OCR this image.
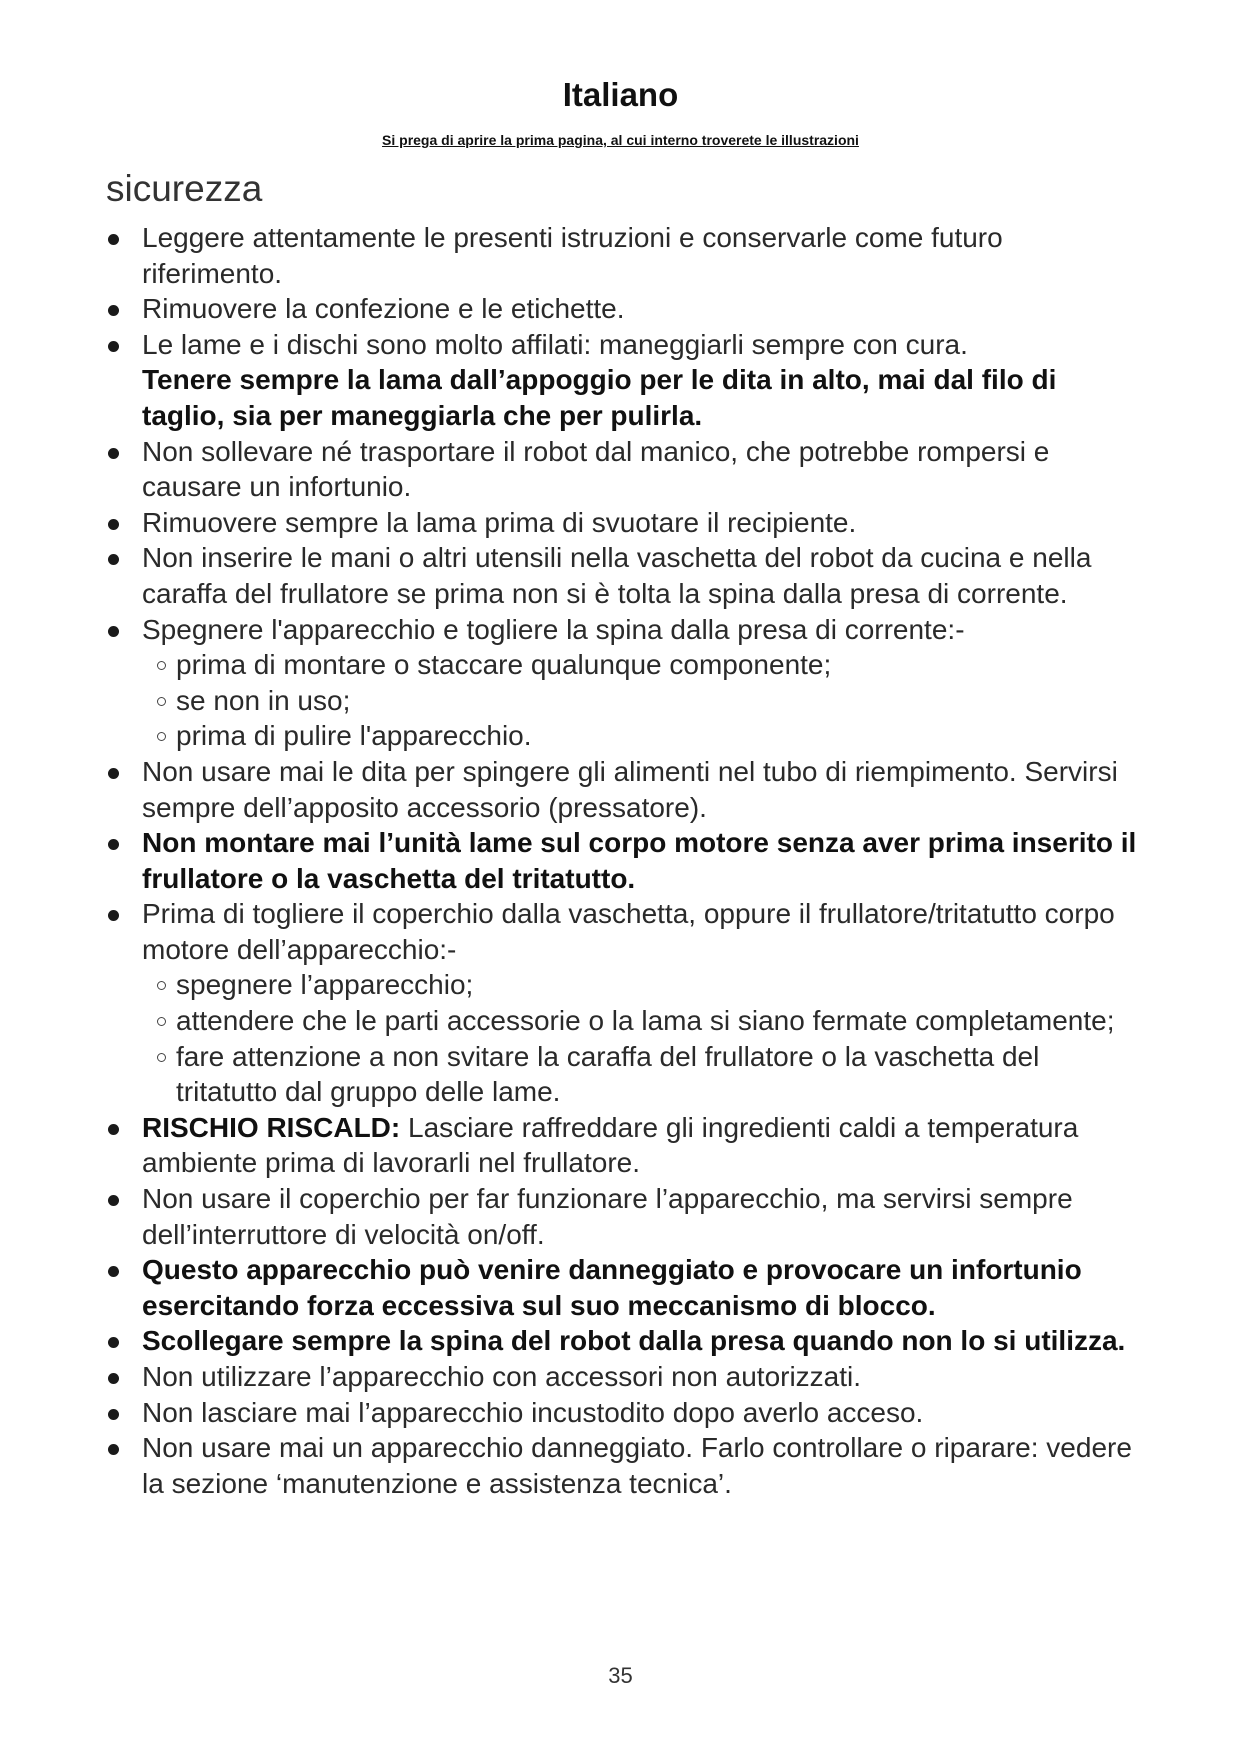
Italiano
Si prega di aprire la prima pagina, al cui interno troverete le illustrazioni
sicurezza
Leggere attentamente le presenti istruzioni e conservarle come futuro riferimento.
Rimuovere la confezione e le etichette.
Le lame e i dischi sono molto affilati: maneggiarli sempre con cura.
Tenere sempre la lama dall’appoggio per le dita in alto, mai dal filo di taglio, sia per maneggiarla che per pulirla.
Non sollevare né trasportare il robot dal manico, che potrebbe rompersi e causare un infortunio.
Rimuovere sempre la lama prima di svuotare il recipiente.
Non inserire le mani o altri utensili nella vaschetta del robot da cucina e nella caraffa del frullatore se prima non si è tolta la spina dalla presa di corrente.
Spegnere l'apparecchio e togliere la spina dalla presa di corrente:-
prima di montare o staccare qualunque componente;
se non in uso;
prima di pulire l'apparecchio.
Non usare mai le dita per spingere gli alimenti nel tubo di riempimento. Servirsi sempre dell’apposito accessorio (pressatore).
Non montare mai l’unità lame sul corpo motore senza aver prima inserito il frullatore o la vaschetta del tritatutto.
Prima di togliere il coperchio dalla vaschetta, oppure il frullatore/tritatutto corpo motore dell’apparecchio:-
spegnere l’apparecchio;
attendere che le parti accessorie o la lama si siano fermate completamente;
fare attenzione a non svitare la caraffa del frullatore o la vaschetta del tritatutto dal gruppo delle lame.
RISCHIO RISCALD: Lasciare raffreddare gli ingredienti caldi a temperatura ambiente prima di lavorarli nel frullatore.
Non usare il coperchio per far funzionare l’apparecchio, ma servirsi sempre dell’interruttore di velocità on/off.
Questo apparecchio può venire danneggiato e provocare un infortunio esercitando forza eccessiva sul suo meccanismo di blocco.
Scollegare sempre la spina del robot dalla presa quando non lo si utilizza.
Non utilizzare l’apparecchio con accessori non autorizzati.
Non lasciare mai l’apparecchio incustodito dopo averlo acceso.
Non usare mai un apparecchio danneggiato. Farlo controllare o riparare: vedere la sezione ‘manutenzione e assistenza tecnica’.
35
